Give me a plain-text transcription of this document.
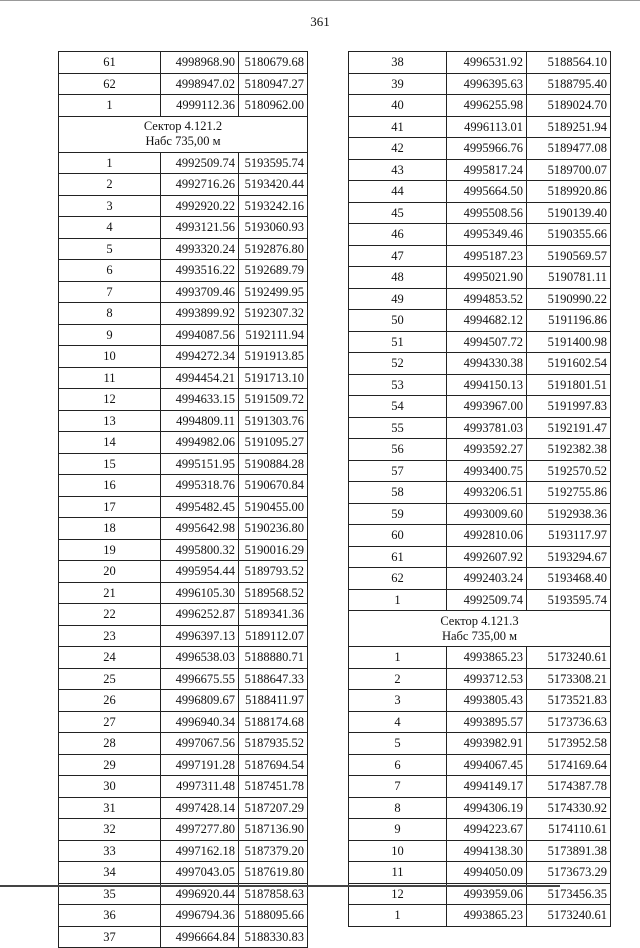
361
61	4998968.90	5180679.68
62	4998947.02	5180947.27
1	4999112.36	5180962.00

Сектор 4.121.2
Набс 735,00 м		

1	4992509.74	5193595.74
2	4992716.26	5193420.44
3	4992920.22	5193242.16
4	4993121.56	5193060.93
5	4993320.24	5192876.80
6	4993516.22	5192689.79
7	4993709.46	5192499.95
8	4993899.92	5192307.32
9	4994087.56	5192111.94
10	4994272.34	5191913.85
11	4994454.21	5191713.10
12	4994633.15	5191509.72
13	4994809.11	5191303.76
14	4994982.06	5191095.27
15	4995151.95	5190884.28
16	4995318.76	5190670.84
17	4995482.45	5190455.00
18	4995642.98	5190236.80
19	4995800.32	5190016.29
20	4995954.44	5189793.52
21	4996105.30	5189568.52
22	4996252.87	5189341.36
23	4996397.13	5189112.07
24	4996538.03	5188880.71
25	4996675.55	5188647.33
26	4996809.67	5188411.97
27	4996940.34	5188174.68
28	4997067.56	5187935.52
29	4997191.28	5187694.54
30	4997311.48	5187451.78
31	4997428.14	5187207.29
32	4997277.80	5187136.90
33	4997162.18	5187379.20
34	4997043.05	5187619.80
35	4996920.44	5187858.63
36	4996794.36	5188095.66
37	4996664.84	5188330.83
38	4996531.92	5188564.10
39	4996395.63	5188795.40
40	4996255.98	5189024.70
41	4996113.01	5189251.94
42	4995966.76	5189477.08
43	4995817.24	5189700.07
44	4995664.50	5189920.86
45	4995508.56	5190139.40
46	4995349.46	5190355.66
47	4995187.23	5190569.57
48	4995021.90	5190781.11
49	4994853.52	5190990.22
50	4994682.12	5191196.86
51	4994507.72	5191400.98
52	4994330.38	5191602.54
53	4994150.13	5191801.51
54	4993967.00	5191997.83
55	4993781.03	5192191.47
56	4993592.27	5192382.38
57	4993400.75	5192570.52
58	4993206.51	5192755.86
59	4993009.60	5192938.36
60	4992810.06	5193117.97
61	4992607.92	5193294.67
62	4992403.24	5193468.40
1	4992509.74	5193595.74

Сектор 4.121.3
Набс 735,00 м		

1	4993865.23	5173240.61
2	4993712.53	5173308.21
3	4993805.43	5173521.83
4	4993895.57	5173736.63
5	4993982.91	5173952.58
6	4994067.45	5174169.64
7	4994149.17	5174387.78
8	4994306.19	5174330.92
9	4994223.67	5174110.61
10	4994138.30	5173891.38
11	4994050.09	5173673.29
12	4993959.06	5173456.35
1	4993865.23	5173240.61
